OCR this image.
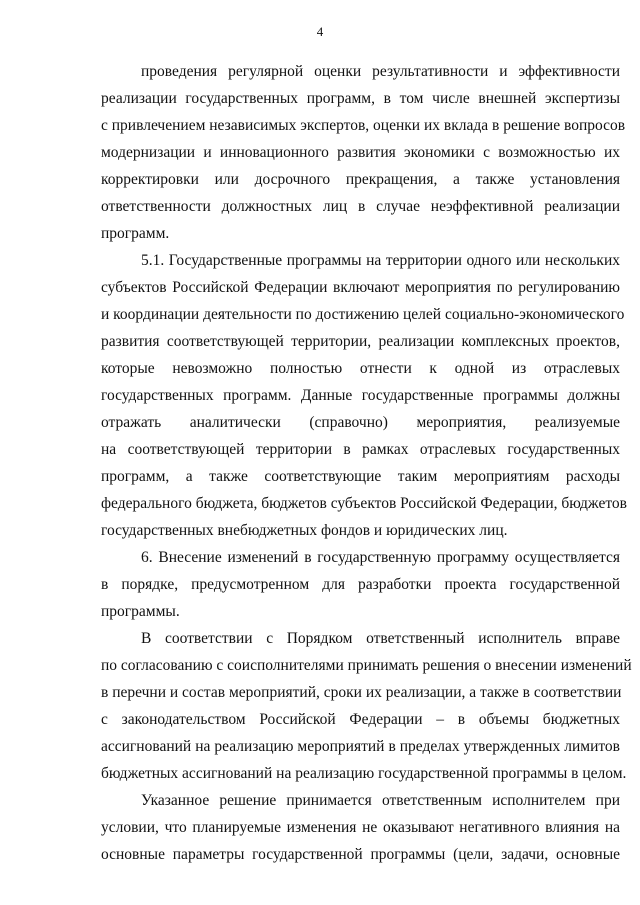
4
проведения регулярной оценки результативности и эффективности
реализации государственных программ, в том числе внешней экспертизы
с привлечением независимых экспертов, оценки их вклада в решение вопросов
модернизации и инновационного развития экономики с возможностью их
корректировки или досрочного прекращения, а также установления
ответственности должностных лиц в случае неэффективной реализации
программ.
5.1. Государственные программы на территории одного или нескольких
субъектов Российской Федерации включают мероприятия по регулированию
и координации деятельности по достижению целей социально-экономического
развития соответствующей территории, реализации комплексных проектов,
которые невозможно полностью отнести к одной из отраслевых
государственных программ. Данные государственные программы должны
отражать аналитически (справочно) мероприятия, реализуемые
на соответствующей территории в рамках отраслевых государственных
программ, а также соответствующие таким мероприятиям расходы
федерального бюджета, бюджетов субъектов Российской Федерации, бюджетов
государственных внебюджетных фондов и юридических лиц.
6. Внесение изменений в государственную программу осуществляется
в порядке, предусмотренном для разработки проекта государственной
программы.
В соответствии с Порядком ответственный исполнитель вправе
по согласованию с соисполнителями принимать решения о внесении изменений
в перечни и состав мероприятий, сроки их реализации, а также в соответствии
с законодательством Российской Федерации – в объемы бюджетных
ассигнований на реализацию мероприятий в пределах утвержденных лимитов
бюджетных ассигнований на реализацию государственной программы в целом.
Указанное решение принимается ответственным исполнителем при
условии, что планируемые изменения не оказывают негативного влияния на
основные параметры государственной программы (цели, задачи, основные
